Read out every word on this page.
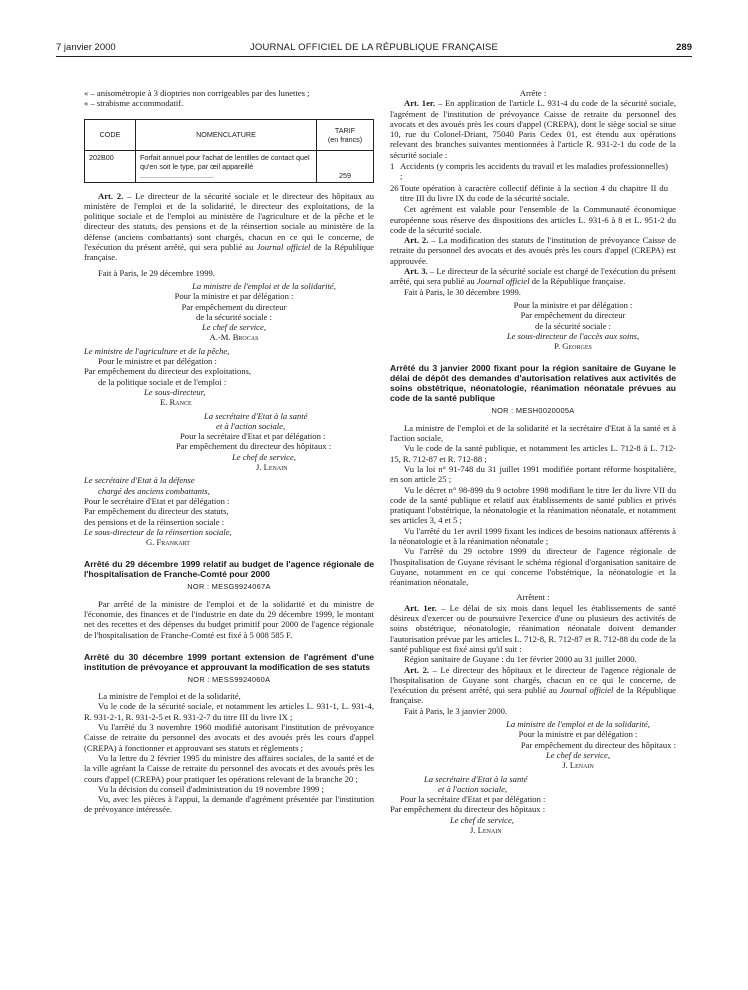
7 janvier 2000	JOURNAL OFFICIEL DE LA RÉPUBLIQUE FRANÇAISE	289

« – anisométropie à 3 dioptries non corrigeables par des lunettes ;

« – strabisme accommodatif.

CODE	NOMENCLATURE	TARIF
(en francs)
202B00	Forfait annuel pour l'achat de lentilles de contact quel qu'en soit le type, par œil appareillé .....................................	259

Art. 2. – Le directeur de la sécurité sociale et le directeur des hôpitaux au ministère de l'emploi et de la solidarité, le directeur des exploitations, de la politique sociale et de l'emploi au ministère de l'agriculture et de la pêche et le directeur des statuts, des pensions et de la réinsertion sociale au ministère de la défense (anciens combattants) sont chargés, chacun en ce qui le concerne, de l'exécution du présent arrêté, qui sera publié au Journal officiel de la République française.

Fait à Paris, le 29 décembre 1999.

La ministre de l'emploi et de la solidarité,

Pour la ministre et par délégation :

Par empêchement du directeur

de la sécurité sociale :

Le chef de service,

A.-M. Brocas

Le ministre de l'agriculture et de la pêche,

Pour le ministre et par délégation :

Par empêchement du directeur des exploitations,

de la politique sociale et de l'emploi :

Le sous-directeur,

E. Rance

La secrétaire d'Etat à la santé

et à l'action sociale,

Pour la secrétaire d'Etat et par délégation :

Par empêchement du directeur des hôpitaux :

Le chef de service,

J. Lenain

Le secrétaire d'Etat à la défense

chargé des anciens combattants,

Pour le secrétaire d'Etat et par délégation :

Par empêchement du directeur des statuts,

des pensions et de la réinsertion sociale :

Le sous-directeur de la réinsertion sociale,

G. Frankart

Arrêté du 29 décembre 1999 relatif au budget de l'agence régionale de l'hospitalisation de Franche-Comté pour 2000
NOR : MESG9924067A

Par arrêté de la ministre de l'emploi et de la solidarité et du ministre de l'économie, des finances et de l'industrie en date du 29 décembre 1999, le montant net des recettes et des dépenses du budget primitif pour 2000 de l'agence régionale de l'hospitalisation de Franche-Comté est fixé à 5 008 585 F.

Arrêté du 30 décembre 1999 portant extension de l'agrément d'une institution de prévoyance et approuvant la modification de ses statuts
NOR : MESS9924060A

La ministre de l'emploi et de la solidarité,

Vu le code de la sécurité sociale, et notamment les articles L. 931-1, L. 931-4, R. 931-2-1, R. 931-2-5 et R. 931-2-7 du titre III du livre IX ;

Vu l'arrêté du 3 novembre 1960 modifié autorisant l'institution de prévoyance Caisse de retraite du personnel des avocats et des avoués près les cours d'appel (CREPA) à fonctionner et approuvant ses statuts et règlements ;

Vu la lettre du 2 février 1995 du ministre des affaires sociales, de la santé et de la ville agréant la Caisse de retraite du personnel des avocats et des avoués près les cours d'appel (CREPA) pour pratiquer les opérations relevant de la branche 20 ;

Vu la décision du conseil d'administration du 19 novembre 1999 ;

Vu, avec les pièces à l'appui, la demande d'agrément présentée par l'institution de prévoyance intéressée.

Arrête :

Art. 1er. – En application de l'article L. 931-4 du code de la sécurité sociale, l'agrément de l'institution de prévoyance Caisse de retraite du personnel des avocats et des avoués près les cours d'appel (CREPA), dont le siège social se situe 10, rue du Colonel-Driant, 75040 Paris Cedex 01, est étendu aux opérations relevant des branches suivantes mentionnées à l'article R. 931-2-1 du code de la sécurité sociale :

1 Accidents (y compris les accidents du travail et les maladies professionnelles) ;
26Toute opération à caractère collectif définie à la section 4 du chapitre II du titre III du livre IX du code de la sécurité sociale.

Cet agrément est valable pour l'ensemble de la Communauté économique européenne sous réserve des dispositions des articles L. 931-6 à 8 et L. 951-2 du code de la sécurité sociale.

Art. 2. – La modification des statuts de l'institution de prévoyance Caisse de retraite du personnel des avocats et des avoués près les cours d'appel (CREPA) est approuvée.

Art. 3. – Le directeur de la sécurité sociale est chargé de l'exécution du présent arrêté, qui sera publié au Journal officiel de la République française.

Fait à Paris, le 30 décembre 1999.

Pour la ministre et par délégation :

Par empêchement du directeur

de la sécurité sociale :

Le sous-directeur de l'accès aux soins,

P. Georges

Arrêté du 3 janvier 2000 fixant pour la région sanitaire de Guyane le délai de dépôt des demandes d'autorisation relatives aux activités de soins obstétrique, néonatologie, réanimation néonatale prévues au code de la santé publique
NOR : MESH0020005A

La ministre de l'emploi et de la solidarité et la secrétaire d'Etat à la santé et à l'action sociale,

Vu le code de la santé publique, et notamment les articles L. 712-8 à L. 712-15, R. 712-87 et R. 712-88 ;

Vu la loi n° 91-748 du 31 juillet 1991 modifiée portant réforme hospitalière, en son article 25 ;

Vu le décret n° 98-899 du 9 octobre 1998 modifiant le titre Ier du livre VII du code de la santé publique et relatif aux établissements de santé publics et privés pratiquant l'obstétrique, la néonatologie et la réanimation néonatale, et notamment ses articles 3, 4 et 5 ;

Vu l'arrêté du 1er avril 1999 fixant les indices de besoins nationaux afférents à la néonatologie et à la réanimation néonatale ;

Vu l'arrêté du 29 octobre 1999 du directeur de l'agence régionale de l'hospitalisation de Guyane révisant le schéma régional d'organisation sanitaire de Guyane, notamment en ce qui concerne l'obstétrique, la néonatologie et la réanimation néonatale,

Arrêtent :

Art. 1er. – Le délai de six mois dans lequel les établissements de santé désireux d'exercer ou de poursuivre l'exercice d'une ou plusieurs des activités de soins obstétrique, néonatologie, réanimation néonatale doivent demander l'autorisation prévue par les articles L. 712-8, R. 712-87 et R. 712-88 du code de la santé publique est fixé ainsi qu'il suit :

Région sanitaire de Guyane : du 1er février 2000 au 31 juillet 2000.

Art. 2. – Le directeur des hôpitaux et le directeur de l'agence régionale de l'hospitalisation de Guyane sont chargés, chacun en ce qui le concerne, de l'exécution du présent arrêté, qui sera publié au Journal officiel de la République française.

Fait à Paris, le 3 janvier 2000.

La ministre de l'emploi et de la solidarité,

Pour la ministre et par délégation :

Par empêchement du directeur des hôpitaux :

Le chef de service,

J. Lenain

La secrétaire d'Etat à la santé

et à l'action sociale,

Pour la secrétaire d'Etat et par délégation :

Par empêchement du directeur des hôpitaux :

Le chef de service,

J. Lenain
